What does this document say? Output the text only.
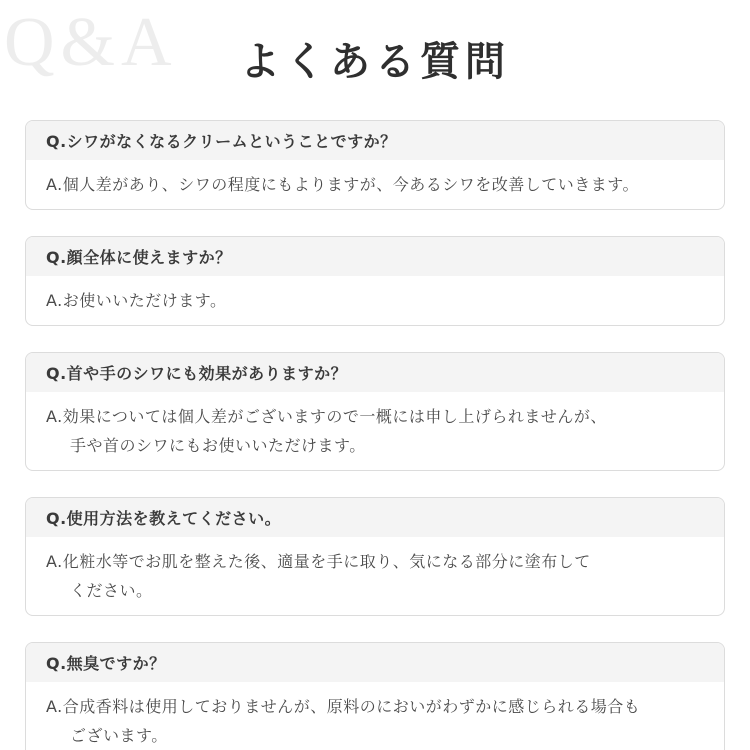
Q&A	よくある質問
Q.シワがなくなるクリームということですか？
A.個人差があり、シワの程度にもよりますが、今あるシワを改善していきます。
Q.顔全体に使えますか？
A.お使いいただけます。
Q.首や手のシワにも効果がありますか？
A.効果については個人差がございますので一概には申し上げられませんが、
手や首のシワにもお使いいただけます。
Q.使用方法を教えてください。
A.化粧水等でお肌を整えた後、適量を手に取り、気になる部分に塗布して
ください。
Q.無臭ですか？
A.合成香料は使用しておりませんが、原料のにおいがわずかに感じられる場合も
ございます。
